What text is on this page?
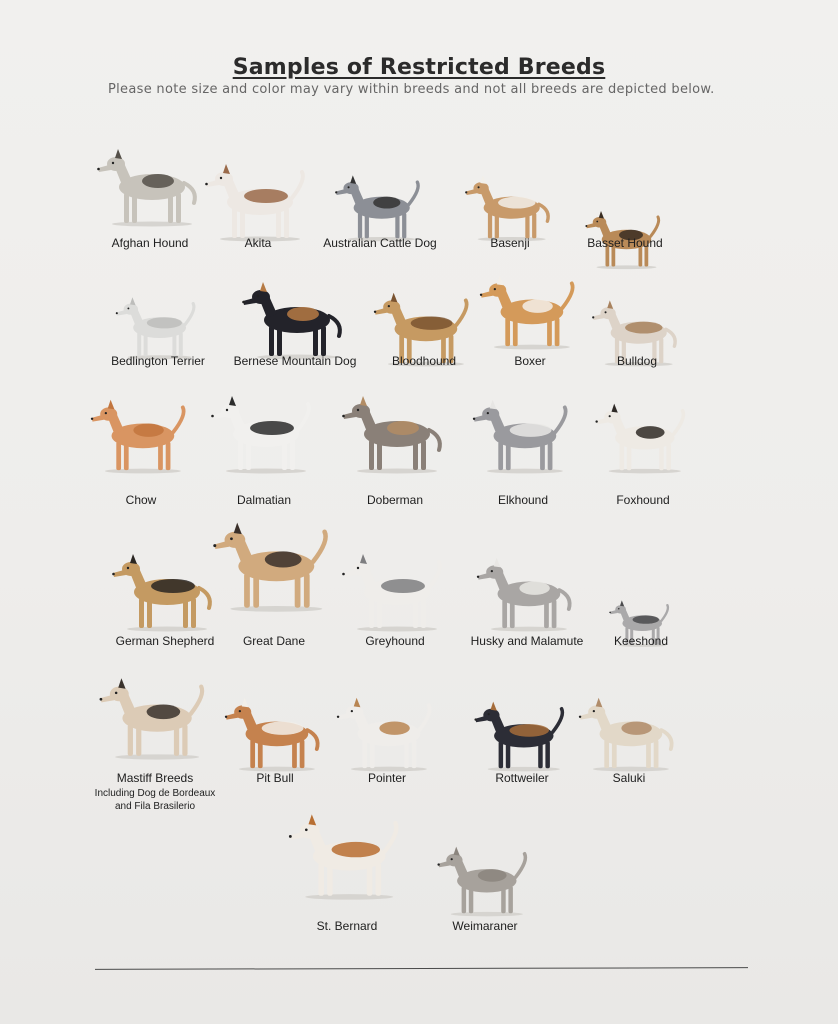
Samples of Restricted Breeds
Please note size and color may vary within breeds and not all breeds are depicted below.
Afghan Hound	Akita	Australian Cattle Dog	Basenji	Basset Hound
Bedlington Terrier	Bernese Mountain Dog	Bloodhound	Boxer	Bulldog
Chow	Dalmatian	Doberman	Elkhound	Foxhound
German Shepherd	Great Dane	Greyhound	Husky and Malamute	Keeshond
Mastiff Breeds
Including Dog de Bordeaux
and Fila Brasilerio
Pit Bull	Pointer	Rottweiler	Saluki
St. Bernard	Weimaraner
